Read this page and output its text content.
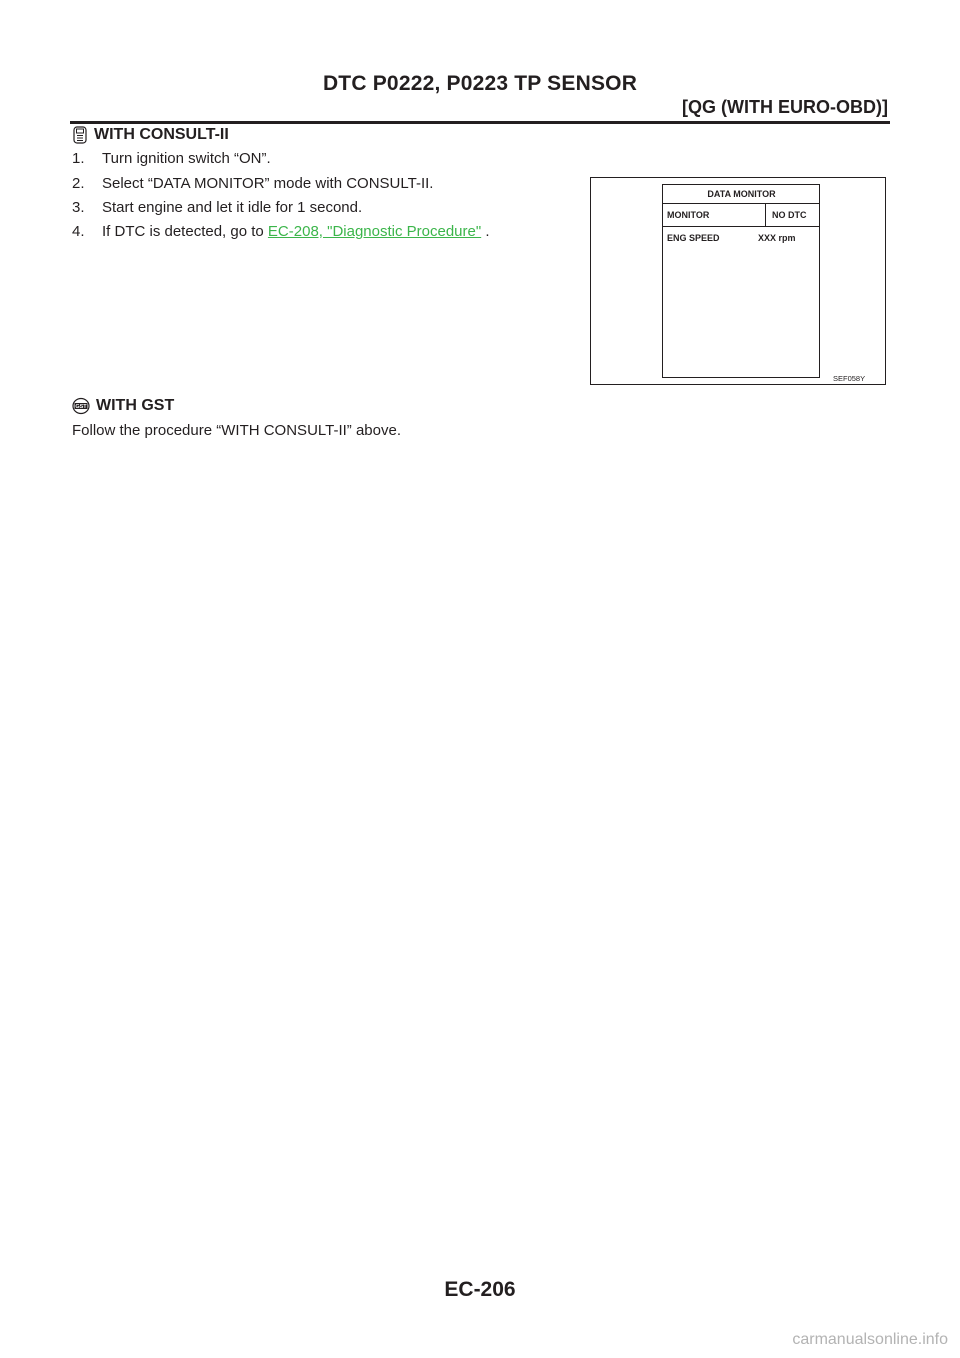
DTC P0222, P0223 TP SENSOR
[QG (WITH EURO-OBD)]
WITH CONSULT-II
1. Turn ignition switch “ON”.
2. Select “DATA MONITOR” mode with CONSULT-II.
3. Start engine and let it idle for 1 second.
4. If DTC is detected, go to EC-208, "Diagnostic Procedure" .
DATA MONITOR
MONITOR	NO DTC
ENG SPEED	XXX rpm
SEF058Y
GST WITH GST
Follow the procedure “WITH CONSULT-II” above.
EC-206
carmanualsonline.info
